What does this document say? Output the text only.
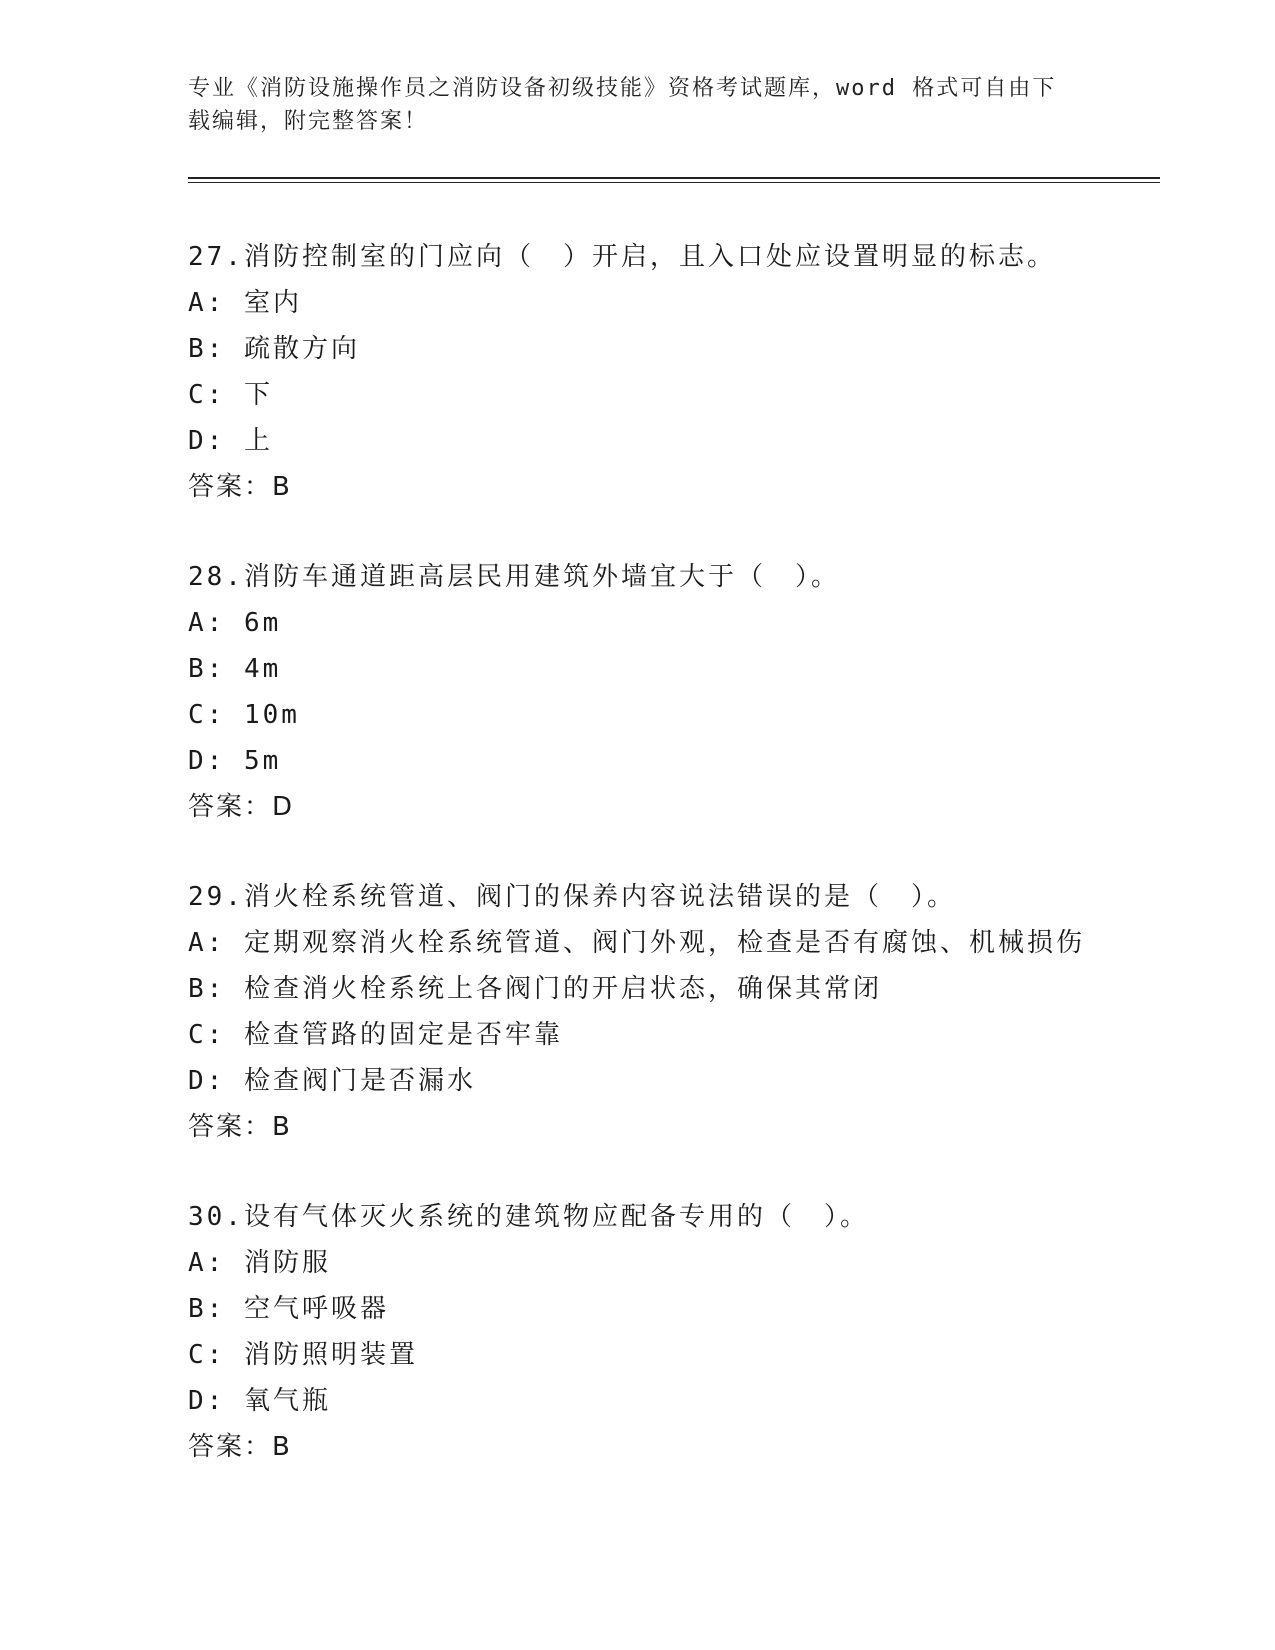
专业《消防设施操作员之消防设备初级技能》资格考试题库，word 格式可自由下
载编辑，附完整答案！
27.消防控制室的门应向（　）开启，且入口处应设置明显的标志。
A: 室内
B: 疏散方向
C: 下
D: 上
答案：B
28.消防车通道距高层民用建筑外墙宜大于（　）。
A: 6m
B: 4m
C: 10m
D: 5m
答案：D
29.消火栓系统管道、阀门的保养内容说法错误的是（　）。
A: 定期观察消火栓系统管道、阀门外观，检查是否有腐蚀、机械损伤
B: 检查消火栓系统上各阀门的开启状态，确保其常闭
C: 检查管路的固定是否牢靠
D: 检查阀门是否漏水
答案：B
30.设有气体灭火系统的建筑物应配备专用的（　）。
A: 消防服
B: 空气呼吸器
C: 消防照明装置
D: 氧气瓶
答案：B
